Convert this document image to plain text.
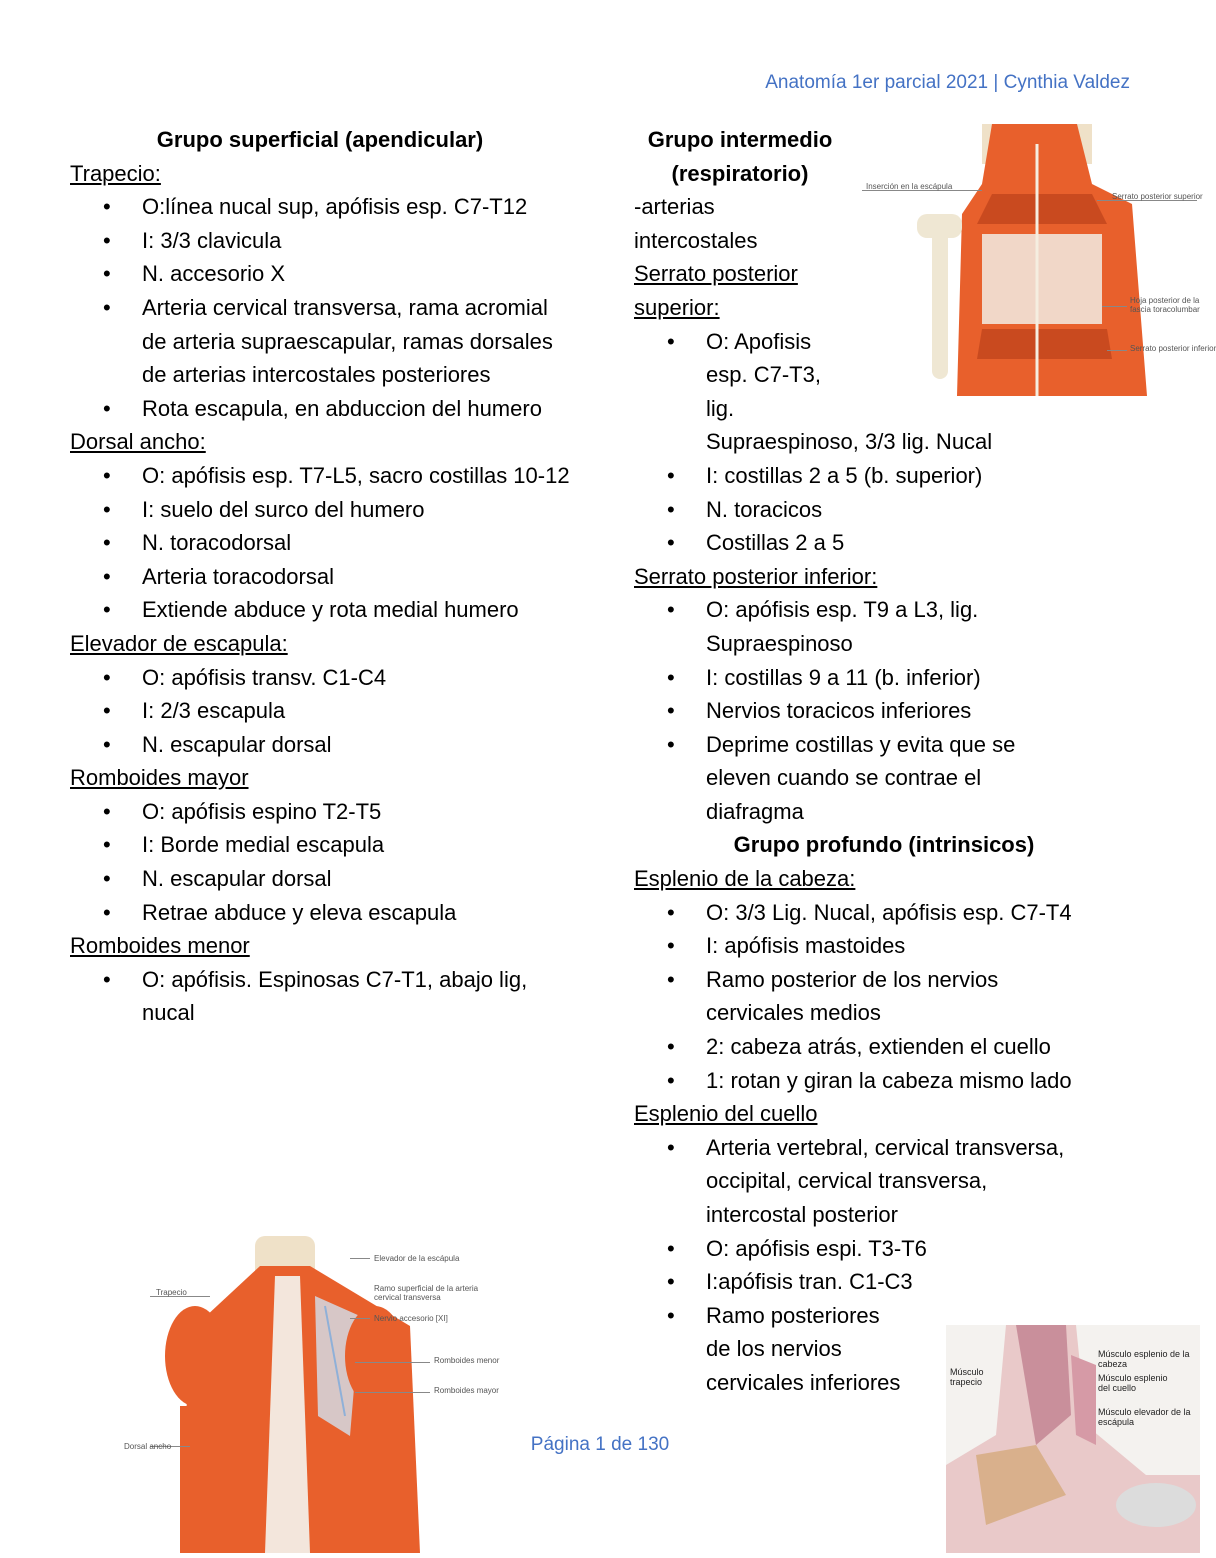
Anatomía 1er parcial 2021 | Cynthia Valdez
Grupo superficial (apendicular)
Trapecio:
• O:línea nucal sup, apófisis esp. C7-T12
• I: 3/3 clavicula
• N. accesorio X
• Arteria cervical transversa, rama acromial de arteria supraescapular, ramas dorsales de arterias intercostales posteriores
• Rota escapula, en abduccion del humero
Dorsal ancho:
• O: apófisis esp. T7-L5, sacro costillas 10-12
• I: suelo del surco del humero
• N. toracodorsal
• Arteria toracodorsal
• Extiende abduce y rota medial humero
Elevador de escapula:
• O: apófisis transv. C1-C4
• I: 2/3 escapula
• N. escapular dorsal
Romboides mayor
• O: apófisis espino T2-T5
• I: Borde medial escapula
• N. escapular dorsal
• Retrae abduce y eleva escapula
Romboides menor
• O: apófisis. Espinosas C7-T1, abajo lig, nucal
Grupo intermedio (respiratorio)
-arterias intercostales
Serrato posterior superior:
• O: Apofisis esp. C7-T3, lig.
Supraespinoso, 3/3 lig. Nucal
• I: costillas 2 a 5 (b. superior)
• N. toracicos
• Costillas 2 a 5
Serrato posterior inferior:
• O: apófisis esp. T9 a L3, lig. Supraespinoso
• I: costillas 9 a 11 (b. inferior)
• Nervios toracicos inferiores
• Deprime costillas y evita que se eleven cuando se contrae el diafragma
Grupo profundo (intrinsicos)
Esplenio de la cabeza:
• O: 3/3 Lig. Nucal, apófisis esp. C7-T4
• I: apófisis mastoides
• Ramo posterior de los nervios cervicales medios
• 2: cabeza atrás, extienden el cuello
• 1: rotan y giran la cabeza mismo lado
Esplenio del cuello
• Arteria vertebral, cervical transversa, occipital, cervical transversa, intercostal posterior
• O: apófisis espi. T3-T6
• I:apófisis tran. C1-C3
• Ramo posteriores de los nervios cervicales inferiores
Inserción en la escápula
Serrato posterior superior
Hoja posterior de la fascia toracolumbar
Serrato posterior inferior
Elevador de la escápula
Ramo superficial de la arteria cervical transversa
Nervio accesorio [XI]
Romboides menor
Romboides mayor
Trapecio
Dorsal ancho
Músculo esplenio de la cabeza
Músculo esplenio del cuello
Músculo elevador de la escápula
Músculo trapecio
Página 1 de 130
